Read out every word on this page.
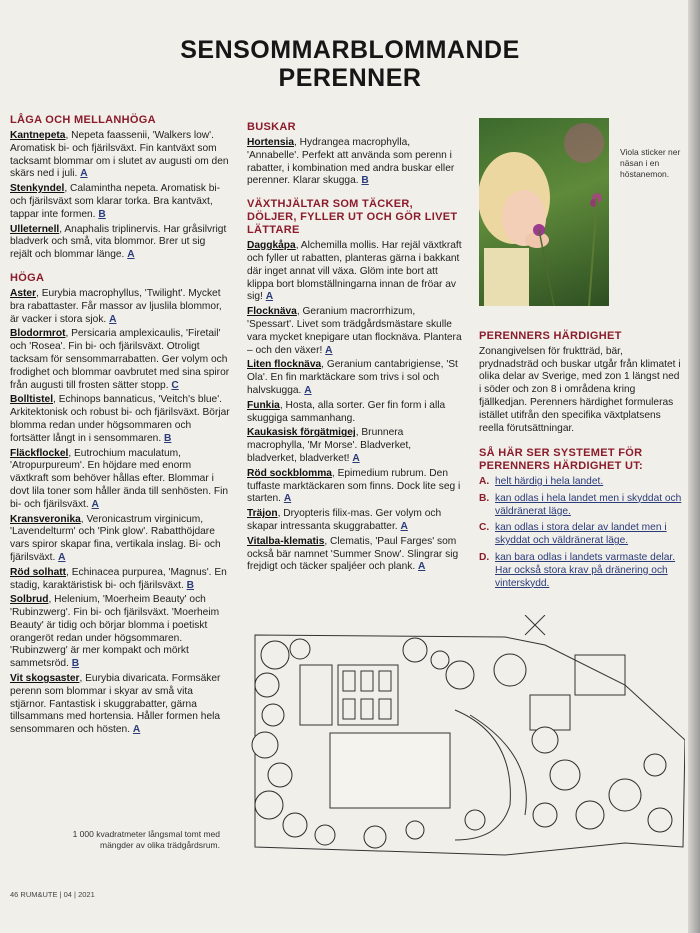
SENSOMMARBLOMMANDE
PERENNER
LÅGA OCH MELLANHÖGA
Kantnepeta, Nepeta faassenii, 'Walkers low'. Aromatisk bi- och fjärilsväxt. Fin kantväxt som tacksamt blommar om i slutet av augusti om den skärs ned i juli. A
Stenkyndel, Calamintha nepeta. Aromatisk bi- och fjärilsväxt som klarar torka. Bra kantväxt, tappar inte formen. B
Ulleternell, Anaphalis triplinervis. Har gråsilvrigt bladverk och små, vita blommor. Brer ut sig rejält och blommar länge. A
HÖGA
Aster, Eurybia macrophyllus, 'Twilight'. Mycket bra rabattaster. Får massor av ljuslila blommor, är vacker i stora sjok. A
Blodormrot, Persicaria amplexicaulis, 'Firetail' och 'Rosea'. Fin bi- och fjärilsväxt. Otroligt tacksam för sensommarrabatten. Ger volym och frodighet och blommar oavbrutet med sina spiror från augusti till frosten sätter stopp. C
Bolltistel, Echinops bannaticus, 'Veitch's blue'. Arkitektonisk och robust bi- och fjärilsväxt. Börjar blomma redan under högsommaren och fortsätter långt in i sensommaren. B
Fläckflockel, Eutrochium maculatum, 'Atropurpureum'. En höjdare med enorm växtkraft som behöver hållas efter. Blommar i dovt lila toner som håller ända till senhösten. Fin bi- och fjärilsväxt. A
Kransveronika, Veronicastrum virginicum, 'Lavendelturm' och 'Pink glow'. Rabatthöjdare vars spiror skapar fina, vertikala inslag. Bi- och fjärilsväxt. A
Röd solhatt, Echinacea purpurea, 'Magnus'. En stadig, karaktäristisk bi- och fjärilsväxt. B
Solbrud, Helenium, 'Moerheim Beauty' och 'Rubinzwerg'. Fin bi- och fjärilsväxt. 'Moerheim Beauty' är tidig och börjar blomma i poetiskt orangeröt redan under högsommaren. 'Rubinzwerg' är mer kompakt och mörkt sammetsröd. B
Vit skogsaster, Eurybia divaricata. Formsäker perenn som blommar i skyar av små vita stjärnor. Fantastisk i skuggrabatter, gärna tillsammans med hortensia. Håller formen hela sensommaren och hösten. A
BUSKAR
Hortensia, Hydrangea macrophylla, 'Annabelle'. Perfekt att använda som perenn i rabatter, i kombination med andra buskar eller perenner. Klarar skugga. B
VÄXTHJÄLTAR SOM TÄCKER, DÖLJER, FYLLER UT OCH GÖR LIVET LÄTTARE
Daggkåpa, Alchemilla mollis. Har rejäl växtkraft och fyller ut rabatten, planteras gärna i bakkant där inget annat vill växa. Glöm inte bort att klippa bort blomställningarna innan de fröar av sig! A
Flocknäva, Geranium macrorrhizum, 'Spessart'. Livet som trädgårdsmästare skulle vara mycket knepigare utan flocknäva. Plantera – och den växer! A
Liten flocknäva, Geranium cantabrigiense, 'St Ola'. En fin marktäckare som trivs i sol och halvskugga. A
Funkia, Hosta, alla sorter. Ger fin form i alla skuggiga sammanhang.
Kaukasisk förgätmigej, Brunnera macrophylla, 'Mr Morse'. Bladverket, bladverket, bladverket! A
Röd sockblomma, Epimedium rubrum. Den tuffaste marktäckaren som finns. Dock lite seg i starten. A
Träjon, Dryopteris filix-mas. Ger volym och skapar intressanta skuggrabatter. A
Vitalba-klematis, Clematis, 'Paul Farges' som också bär namnet 'Summer Snow'. Slingrar sig frejdigt och täcker spaljéer och plank. A
Viola sticker ner näsan i en höstanemon.
PERENNERS HÄRDIGHET
Zonangivelsen för fruktträd, bär, prydnadsträd och buskar utgår från klimatet i olika delar av Sverige, med zon 1 längst ned i söder och zon 8 i områdena kring fjällkedjan. Perenners härdighet formuleras istället utifrån den specifika växtplatsens reella förutsättningar.
SÅ HÄR SER SYSTEMET FÖR PERENNERS HÄRDIGHET UT:
A. helt härdig i hela landet.
B. kan odlas i hela landet men i skyddat och väldränerat läge.
C. kan odlas i stora delar av landet men i skyddat och väldränerat läge.
D. kan bara odlas i landets varmaste delar. Har också stora krav på dränering och vinterskydd.
1 000 kvadratmeter långsmal tomt med mängder av olika trädgårdsrum.
46 RUM&UTE | 04 | 2021
